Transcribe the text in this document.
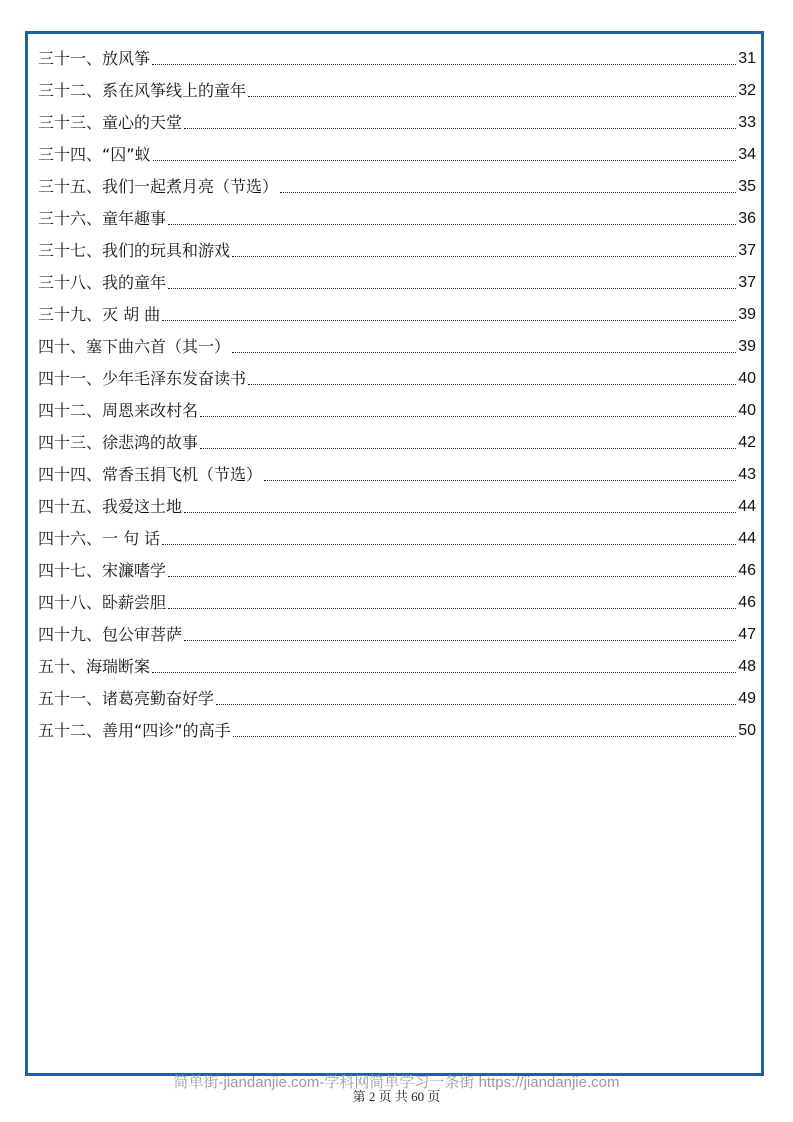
三十一、放风筝	31
三十二、系在风筝线上的童年	32
三十三、童心的天堂	33
三十四、“囚”蚁	34
三十五、我们一起煮月亮（节选）	35
三十六、童年趣事	36
三十七、我们的玩具和游戏	37
三十八、我的童年	37
三十九、灭 胡 曲	39
四十、塞下曲六首（其一）	39
四十一、少年毛泽东发奋读书	40
四十二、周恩来改村名	40
四十三、徐悲鸿的故事	42
四十四、常香玉捐飞机（节选）	43
四十五、我爱这土地	44
四十六、一 句 话	44
四十七、宋濂嗜学	46
四十八、卧薪尝胆	46
四十九、包公审菩萨	47
五十、海瑞断案	48
五十一、诸葛亮勤奋好学	49
五十二、善用“四诊”的高手	50
简单街-jiandanjie.com-学科网简单学习一条街 https://jiandanjie.com
第 2 页 共 60 页
